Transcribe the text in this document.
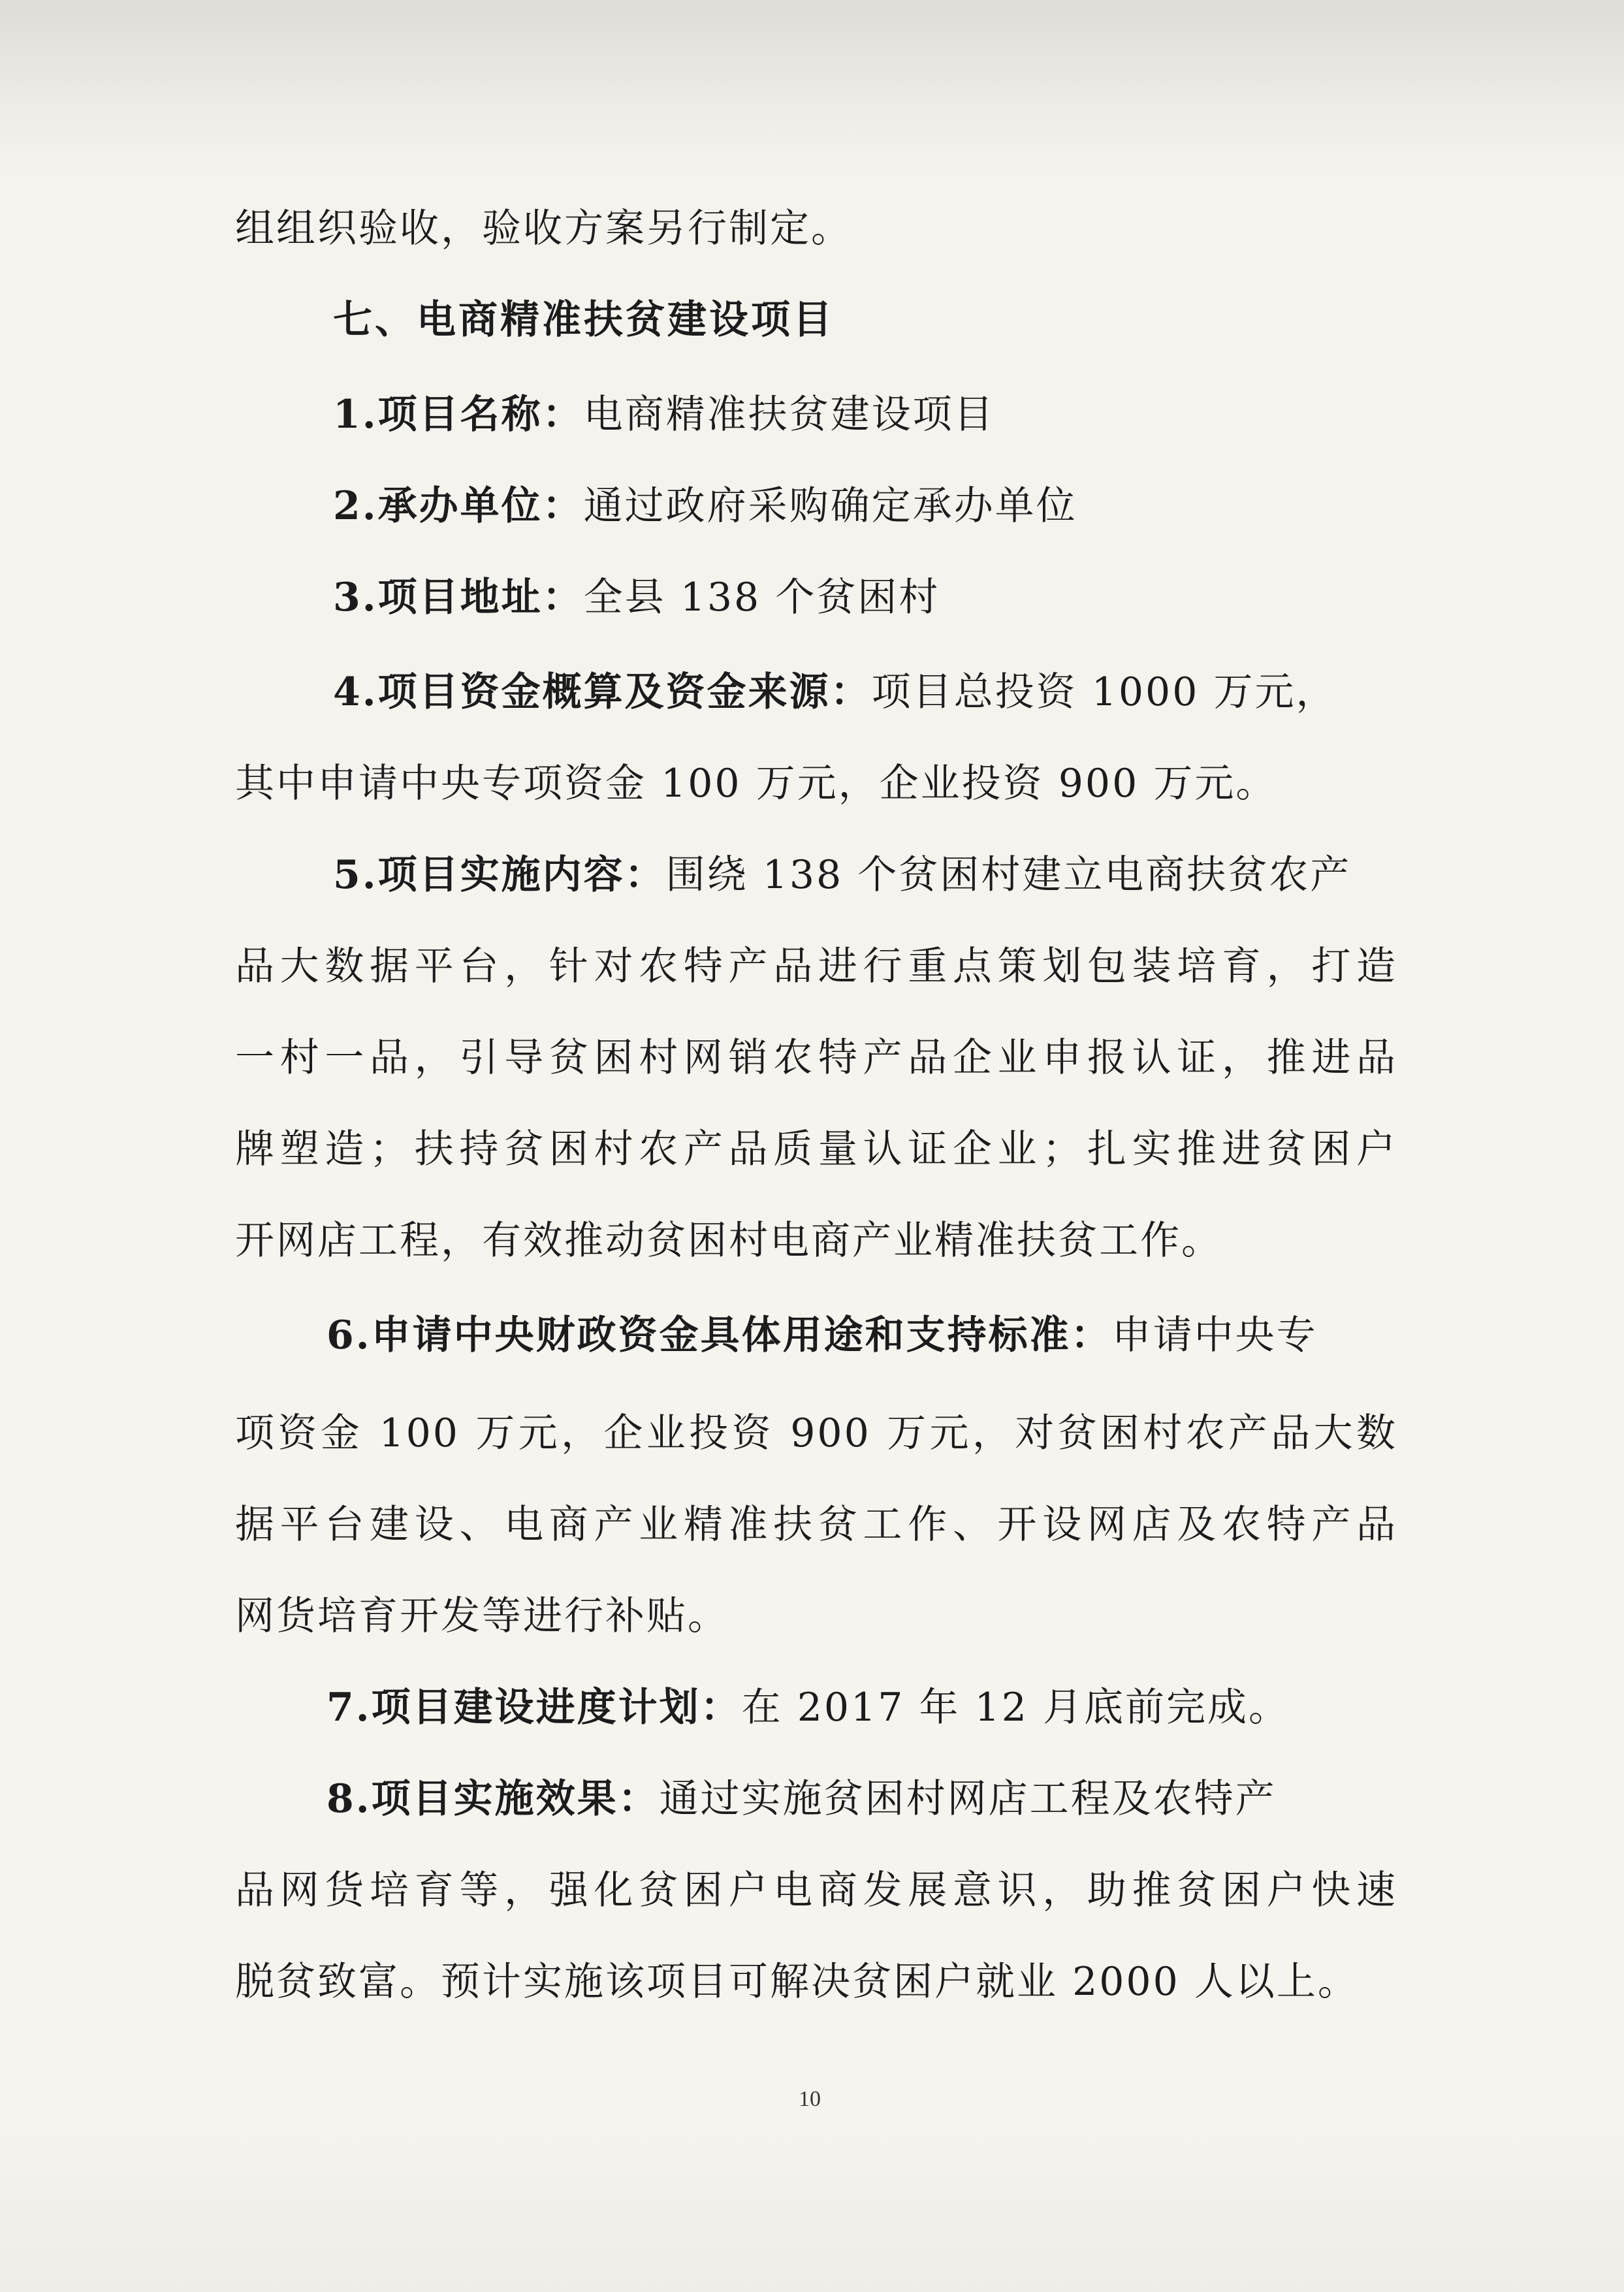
组组织验收，验收方案另行制定。
七、电商精准扶贫建设项目
1.项目名称：电商精准扶贫建设项目
2.承办单位：通过政府采购确定承办单位
3.项目地址：全县 138 个贫困村
4.项目资金概算及资金来源：项目总投资 1000 万元，
其中申请中央专项资金 100 万元，企业投资 900 万元。
5.项目实施内容：围绕 138 个贫困村建立电商扶贫农产
品大数据平台，针对农特产品进行重点策划包装培育，打造
一村一品，引导贫困村网销农特产品企业申报认证，推进品
牌塑造；扶持贫困村农产品质量认证企业；扎实推进贫困户
开网店工程，有效推动贫困村电商产业精准扶贫工作。
6.申请中央财政资金具体用途和支持标准：申请中央专
项资金 100 万元，企业投资 900 万元，对贫困村农产品大数
据平台建设、电商产业精准扶贫工作、开设网店及农特产品
网货培育开发等进行补贴。
7.项目建设进度计划：在 2017 年 12 月底前完成。
8.项目实施效果：通过实施贫困村网店工程及农特产
品网货培育等，强化贫困户电商发展意识，助推贫困户快速
脱贫致富。预计实施该项目可解决贫困户就业 2000 人以上。
10
